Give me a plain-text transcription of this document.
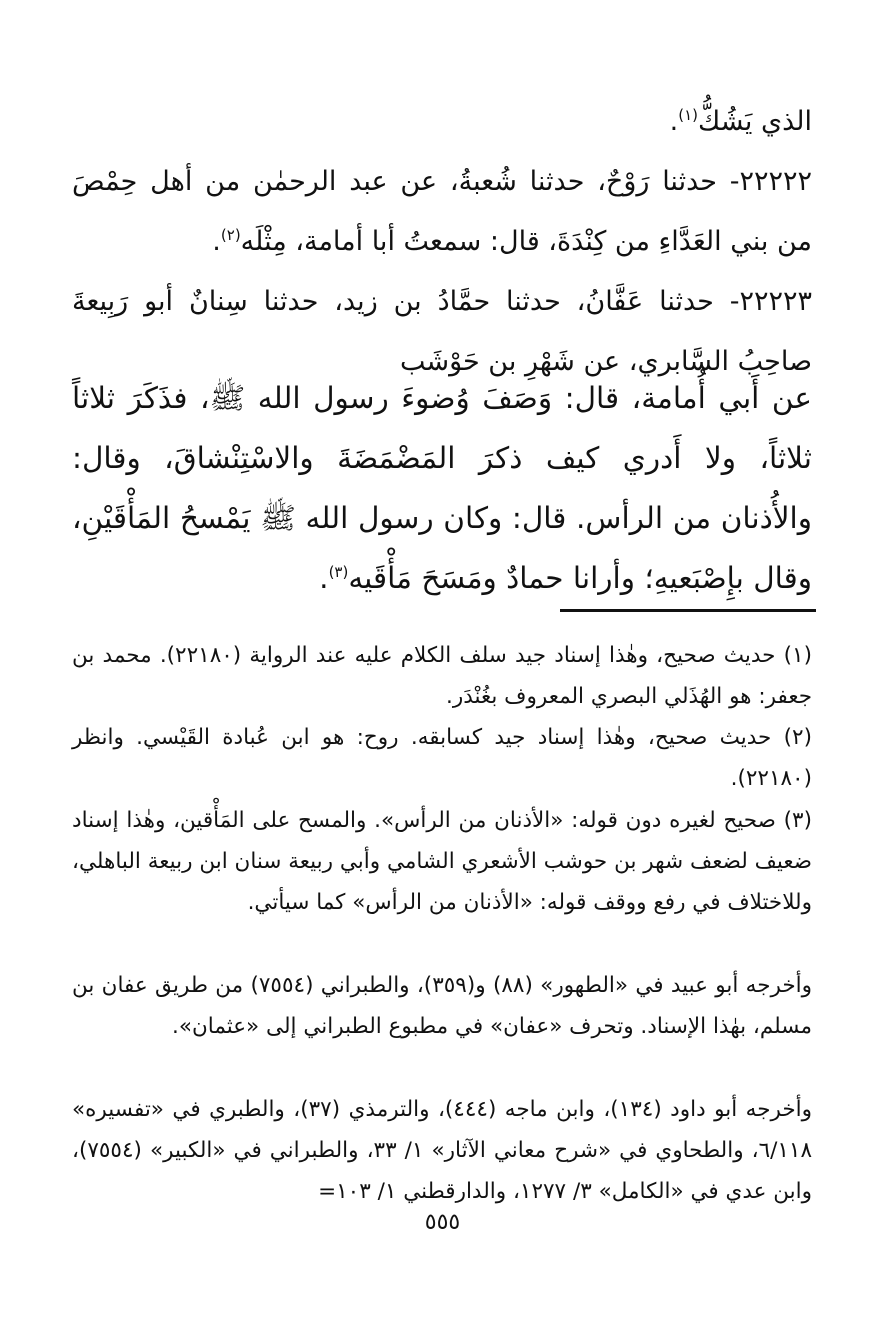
الذي يَشُكُّ$^{(١)}$.
٢٢٢٢٢- حدثنا رَوْحٌ، حدثنا شُعبةُ، عن عبد الرحمٰن من أهل حِمْصَ من بني العَدَّاءِ من كِنْدَةَ، قال: سمعتُ أبا أمامة، مِثْلَه$^{(٢)}$.
٢٢٢٢٣- حدثنا عَفَّانُ، حدثنا حمَّادُ بن زيد، حدثنا سِنانٌ أبو رَبِيعةَ صاحِبُ السَّابري، عن شَهْرِ بن حَوْشَب
عن أَبي أُمامة، قال: وَصَفَ وُضوءَ رسول الله ﷺ، فذَكَرَ ثلاثاً ثلاثاً، ولا أَدري كيف ذكرَ المَضْمَضَةَ والاسْتِنْشاقَ، وقال: والأُذنان من الرأس. قال: وكان رسول الله ﷺ يَمْسحُ المَأْقَيْنِ، وقال بإِصْبَعيهِ؛ وأرانا حمادٌ ومَسَحَ مَأْقَيه$^{(٣)}$.
(١) حديث صحيح، وهٰذا إسناد جيد سلف الكلام عليه عند الرواية (٢٢١٨٠). محمد بن جعفر: هو الهُذَلي البصري المعروف بغُنْدَر.
(٢) حديث صحيح، وهٰذا إسناد جيد كسابقه. روح: هو ابن عُبادة القَيْسي. وانظر (٢٢١٨٠).
(٣) صحيح لغيره دون قوله: «الأذنان من الرأس». والمسح على المَأْقين، وهٰذا إسناد ضعيف لضعف شهر بن حوشب الأشعري الشامي وأبي ربيعة سنان ابن ربيعة الباهلي، وللاختلاف في رفع ووقف قوله: «الأذنان من الرأس» كما سيأتي.
وأخرجه أبو عبيد في «الطهور» (٨٨) و(٣٥٩)، والطبراني (٧٥٥٤) من طريق عفان بن مسلم، بهٰذا الإسناد. وتحرف «عفان» في مطبوع الطبراني إلى «عثمان».
وأخرجه أبو داود (١٣٤)، وابن ماجه (٤٤٤)، والترمذي (٣٧)، والطبري في «تفسيره» ٦/١١٨، والطحاوي في «شرح معاني الآثار» ١/ ٣٣، والطبراني في «الكبير» (٧٥٥٤)، وابن عدي في «الكامل» ٣/ ١٢٧٧، والدارقطني ١/ ١٠٣=
٥٥٥
